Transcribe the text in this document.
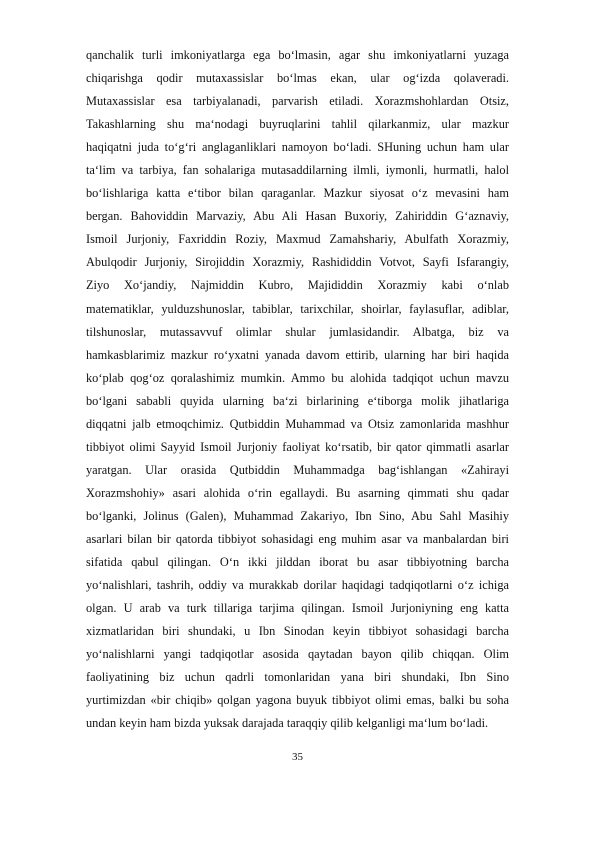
qanchalik turli imkoniyatlarga ega bo‘lmasin, agar shu imkoniyatlarni yuzaga
chiqarishga qodir mutaxassislar bo‘lmas ekan, ular og‘izda qolaveradi.
Mutaxassislar esa tarbiyalanadi, parvarish etiladi. Xorazmshohlardan Otsiz,
Takashlarning shu ma‘nodagi buyruqlarini tahlil qilarkanmiz, ular mazkur
haqiqatni juda to‘g‘ri anglaganliklari namoyon bo‘ladi. SHuning uchun ham ular
ta‘lim va tarbiya, fan sohalariga mutasaddilarning ilmli, iymonli, hurmatli, halol
bo‘lishlariga katta e‘tibor bilan qaraganlar. Mazkur siyosat o‘z mevasini ham
bergan. Bahoviddin Marvaziy, Abu Ali Hasan Buxoriy, Zahiriddin G‘aznaviy,
Ismoil Jurjoniy, Faxriddin Roziy, Maxmud Zamahshariy, Abulfath Xorazmiy,
Abulqodir Jurjoniy, Sirojiddin Xorazmiy, Rashididdin Votvot, Sayfi Isfarangiy,
Ziyo Xo‘jandiy, Najmiddin Kubro, Majididdin Xorazmiy kabi o‘nlab
matematiklar, yulduzshunoslar, tabiblar, tarixchilar, shoirlar, faylasuflar, adiblar,
tilshunoslar, mutassavvuf olimlar shular jumlasidandir. Albatga, biz va
hamkasblarimiz mazkur ro‘yxatni yanada davom ettirib, ularning har biri haqida
ko‘plab qog‘oz qoralashimiz mumkin. Ammo bu alohida tadqiqot uchun mavzu
bo‘lgani sababli quyida ularning ba‘zi birlarining e‘tiborga molik jihatlariga
diqqatni jalb etmoqchimiz. Qutbiddin Muhammad va Otsiz zamonlarida mashhur
tibbiyot olimi Sayyid Ismoil Jurjoniy faoliyat ko‘rsatib, bir qator qimmatli asarlar
yaratgan. Ular orasida Qutbiddin Muhammadga bag‘ishlangan «Zahirayi
Xorazmshohiy» asari alohida o‘rin egallaydi. Bu asarning qimmati shu qadar
bo‘lganki, Jolinus (Galen), Muhammad Zakariyo, Ibn Sino, Abu Sahl Masihiy
asarlari bilan bir qatorda tibbiyot sohasidagi eng muhim asar va manbalardan biri
sifatida qabul qilingan. O‘n ikki jilddan iborat bu asar tibbiyotning barcha
yo‘nalishlari, tashrih, oddiy va murakkab dorilar haqidagi tadqiqotlarni o‘z ichiga
olgan. U arab va turk tillariga tarjima qilingan. Ismoil Jurjoniyning eng katta
xizmatlaridan biri shundaki, u Ibn Sinodan keyin tibbiyot sohasidagi barcha
yo‘nalishlarni yangi tadqiqotlar asosida qaytadan bayon qilib chiqqan. Olim
faoliyatining biz uchun qadrli tomonlaridan yana biri shundaki, Ibn Sino
yurtimizdan «bir chiqib» qolgan yagona buyuk tibbiyot olimi emas, balki bu soha
undan keyin ham bizda yuksak darajada taraqqiy qilib kelganligi ma‘lum bo‘ladi.
35
